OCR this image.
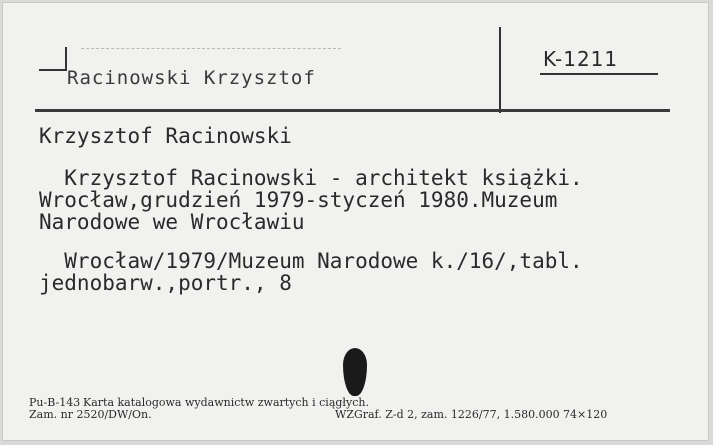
Racinowski Krzysztof
K-1211

Krzysztof Racinowski

Krzysztof Racinowski - architekt książki.

Wrocław,grudzień 1979-styczeń 1980.Muzeum

Narodowe we Wrocławiu

Wrocław/1979/Muzeum Narodowe k./16/,tabl.

jednobarw.,portr., 8

Pu-B-143 Karta katalogowa wydawnictw zwartych i ciągłych.
Zam. nr 2520/DW/On.	WZGraf. Z-d 2, zam. 1226/77, 1.580.000 74×120
